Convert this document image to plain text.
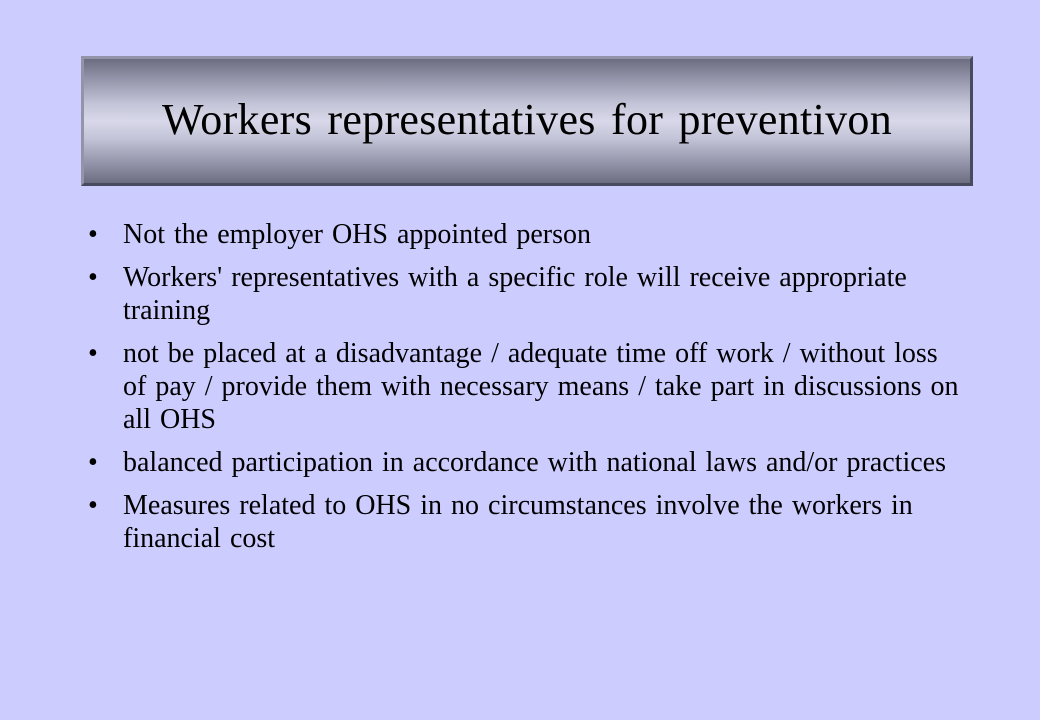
Workers representatives for preventivon
• Not the employer OHS appointed person
• Workers' representatives with a specific role will receive appropriate training
• not be placed at a disadvantage / adequate time off work / without loss of pay / provide them with necessary means / take part in discussions on all OHS
• balanced participation in accordance with national laws and/or practices
• Measures related to OHS in no circumstances involve the workers in financial cost
